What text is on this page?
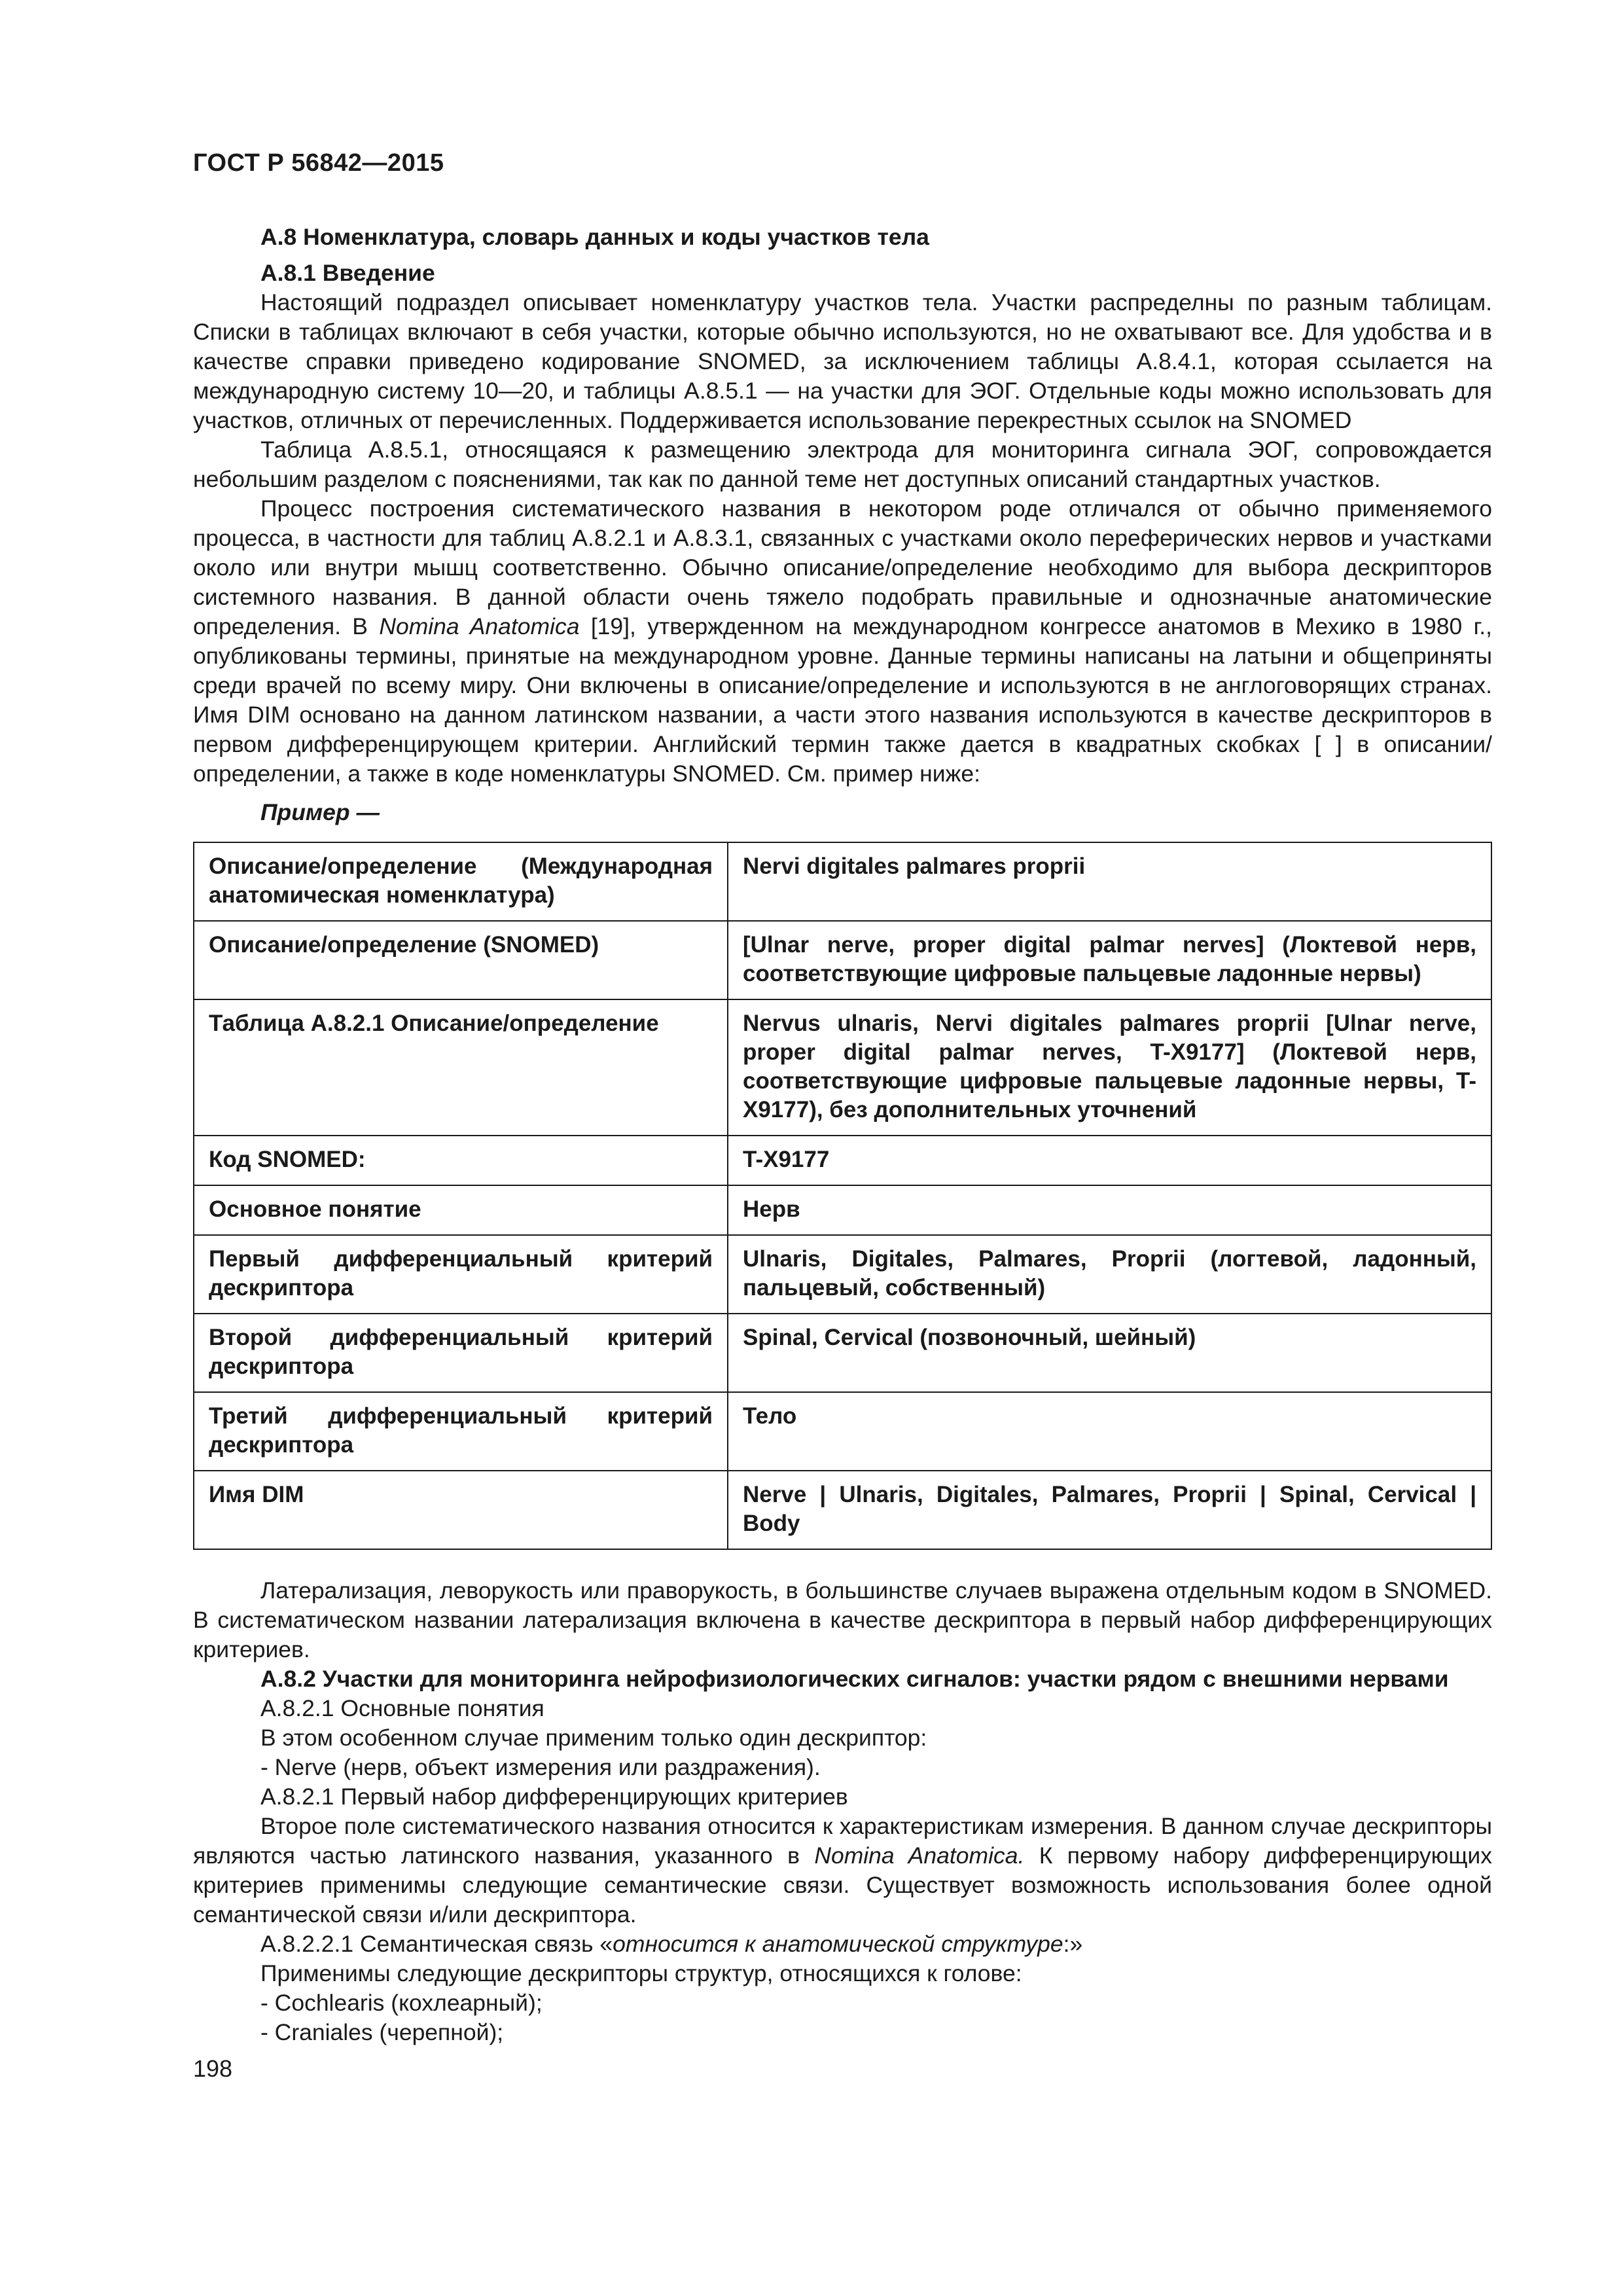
ГОСТ Р 56842—2015

А.8 Номенклатура, словарь данных и коды участков тела

А.8.1 Введение

Настоящий подраздел описывает номенклатуру участков тела. Участки распределны по разным таблицам. Списки в таблицах включают в себя участки, которые обычно используются, но не охватывают все. Для удобства и в качестве справки приведено кодирование SNOMED, за исключением таблицы А.8.4.1, которая ссылается на международную систему 10—20, и таблицы А.8.5.1 — на участки для ЭОГ. Отдельные коды можно использовать для участков, отличных от перечисленных. Поддерживается использование перекрестных ссылок на SNOMED

Таблица А.8.5.1, относящаяся к размещению электрода для мониторинга сигнала ЭОГ, сопровождается небольшим разделом с пояснениями, так как по данной теме нет доступных описаний стандартных участков.

Процесс построения систематического названия в некотором роде отличался от обычно применяемого процесса, в частности для таблиц А.8.2.1 и А.8.3.1, связанных с участками около переферических нервов и участками около или внутри мышц соответственно. Обычно описание/определение необходимо для выбора дескрипторов системного названия. В данной области очень тяжело подобрать правильные и однозначные анатомические определения. В Nomina Anatomica [19], утвержденном на международном конгрессе анатомов в Мехико в 1980 г., опубликованы термины, принятые на международном уровне. Данные термины написаны на латыни и общеприняты среди врачей по всему миру. Они включены в описание/определение и используются в не англоговорящих странах. Имя DIM основано на данном латинском названии, а части этого названия используются в качестве дескрипторов в первом дифференцирующем критерии. Английский термин также дается в квадратных скобках [ ] в описании/определении, а также в коде номенклатуры SNOMED. См. пример ниже:

Пример —

Описание/определение (Международная анатомическая номенклатура)	Nervi digitales palmares proprii
Описание/определение (SNOMED)	[Ulnar nerve, proper digital palmar nerves] (Локтевой нерв, соответствующие цифровые пальцевые ладонные нервы)
Таблица А.8.2.1 Описание/определение	Nervus ulnaris, Nervi digitales palmares proprii [Ulnar nerve, proper digital palmar nerves, T-X9177] (Локтевой нерв, соответствующие цифровые пальцевые ладонные нервы, T-X9177), без дополнительных уточнений
Код SNOMED:	T-X9177
Основное понятие	Нерв
Первый дифференциальный критерий дескриптора	Ulnaris, Digitales, Palmares, Proprii (логтевой, ладонный, пальцевый, собственный)
Второй дифференциальный критерий дескриптора	Spinal, Cervical (позвоночный, шейный)
Третий дифференциальный критерий дескриптора	Тело
Имя DIM	Nerve | Ulnaris, Digitales, Palmares, Proprii | Spinal, Cervical | Body

Латерализация, леворукость или праворукость, в большинстве случаев выражена отдельным кодом в SNOMED. В систематическом названии латерализация включена в качестве дескриптора в первый набор дифференцирующих критериев.

А.8.2 Участки для мониторинга нейрофизиологических сигналов: участки рядом с внешними нервами

А.8.2.1 Основные понятия

В этом особенном случае применим только один дескриптор:

- Nerve (нерв, объект измерения или раздражения).

А.8.2.1 Первый набор дифференцирующих критериев

Второе поле систематического названия относится к характеристикам измерения. В данном случае дескрипторы являются частью латинского названия, указанного в Nomina Anatomica. К первому набору дифференцирующих критериев применимы следующие семантические связи. Существует возможность использования более одной семантической связи и/или дескриптора.

А.8.2.2.1 Семантическая связь «относится к анатомической структуре:»

Применимы следующие дескрипторы структур, относящихся к голове:

- Cochlearis (кохлеарный);

- Craniales (черепной);

198
